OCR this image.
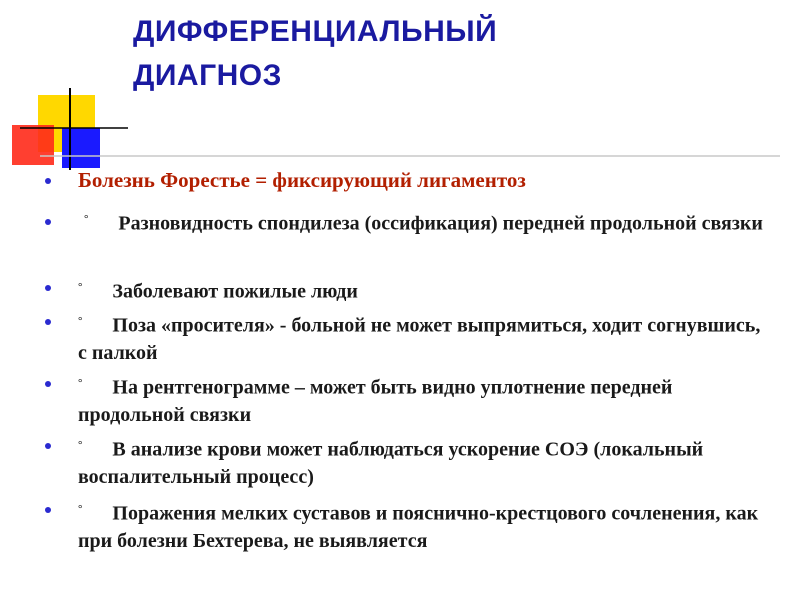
ДИФФЕРЕНЦИАЛЬНЫЙ
ДИАГНОЗ
Болезнь Форестье = фиксирующий лигаментоз
° Разновидность спондилеза (оссификация) передней продольной связки
° Заболевают пожилые люди
° Поза «просителя» - больной не может выпрямиться, ходит согнувшись, с палкой
° На рентгенограмме – может быть видно уплотнение передней продольной связки
° В анализе крови может наблюдаться ускорение СОЭ (локальный воспалительный процесс)
° Поражения мелких суставов и пояснично-крестцового сочленения, как при болезни Бехтерева, не выявляется
